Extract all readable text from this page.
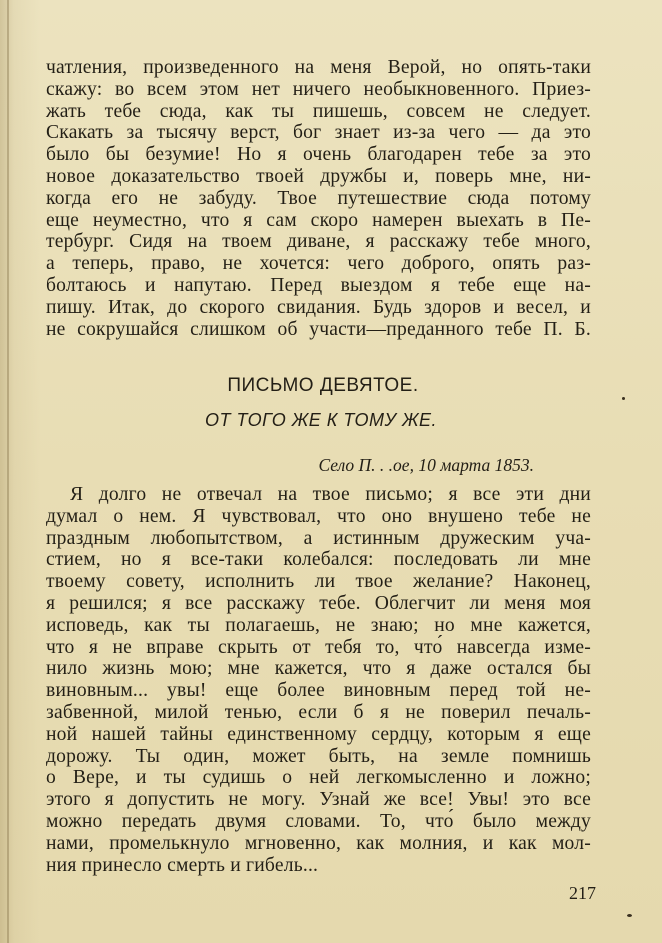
чатления, произведенного на меня Верой, но опять-таки
скажу: во всем этом нет ничего необыкновенного. Приез-
жать тебе сюда, как ты пишешь, совсем не следует.
Скакать за тысячу верст, бог знает из-за чего — да это
было бы безумие! Но я очень благодарен тебе за это
новое доказательство твоей дружбы и, поверь мне, ни-
когда его не забуду. Твое путешествие сюда потому
еще неуместно, что я сам скоро намерен выехать в Пе-
тербург. Сидя на твоем диване, я расскажу тебе много,
а теперь, право, не хочется: чего доброго, опять раз-
болтаюсь и напутаю. Перед выездом я тебе еще на-
пишу. Итак, до скорого свидания. Будь здоров и весел, и
не сокрушайся слишком об участи—преданного тебе П. Б.
ПИСЬМО ДЕВЯТОЕ.
ОТ ТОГО ЖЕ К ТОМУ ЖЕ.
Село П. . .ое, 10 марта 1853.
Я долго не отвечал на твое письмо; я все эти дни
думал о нем. Я чувствовал, что оно внушено тебе не
праздным любопытством, а истинным дружеским уча-
стием, но я все-таки колебался: последовать ли мне
твоему совету, исполнить ли твое желание? Наконец,
я решился; я все расскажу тебе. Облегчит ли меня моя
исповедь, как ты полагаешь, не знаю; но мне кажется,
что я не вправе скрыть от тебя то, что́ навсегда изме-
нило жизнь мою; мне кажется, что я даже остался бы
виновным... увы! еще более виновным перед той не-
забвенной, милой тенью, если б я не поверил печаль-
ной нашей тайны единственному сердцу, которым я еще
дорожу. Ты один, может быть, на земле помнишь
о Вере, и ты судишь о ней легкомысленно и ложно;
этого я допустить не могу. Узнай же все! Увы! это все
можно передать двумя словами. То, что́ было между
нами, промелькнуло мгновенно, как молния, и как мол-
ния принесло смерть и гибель...
217
